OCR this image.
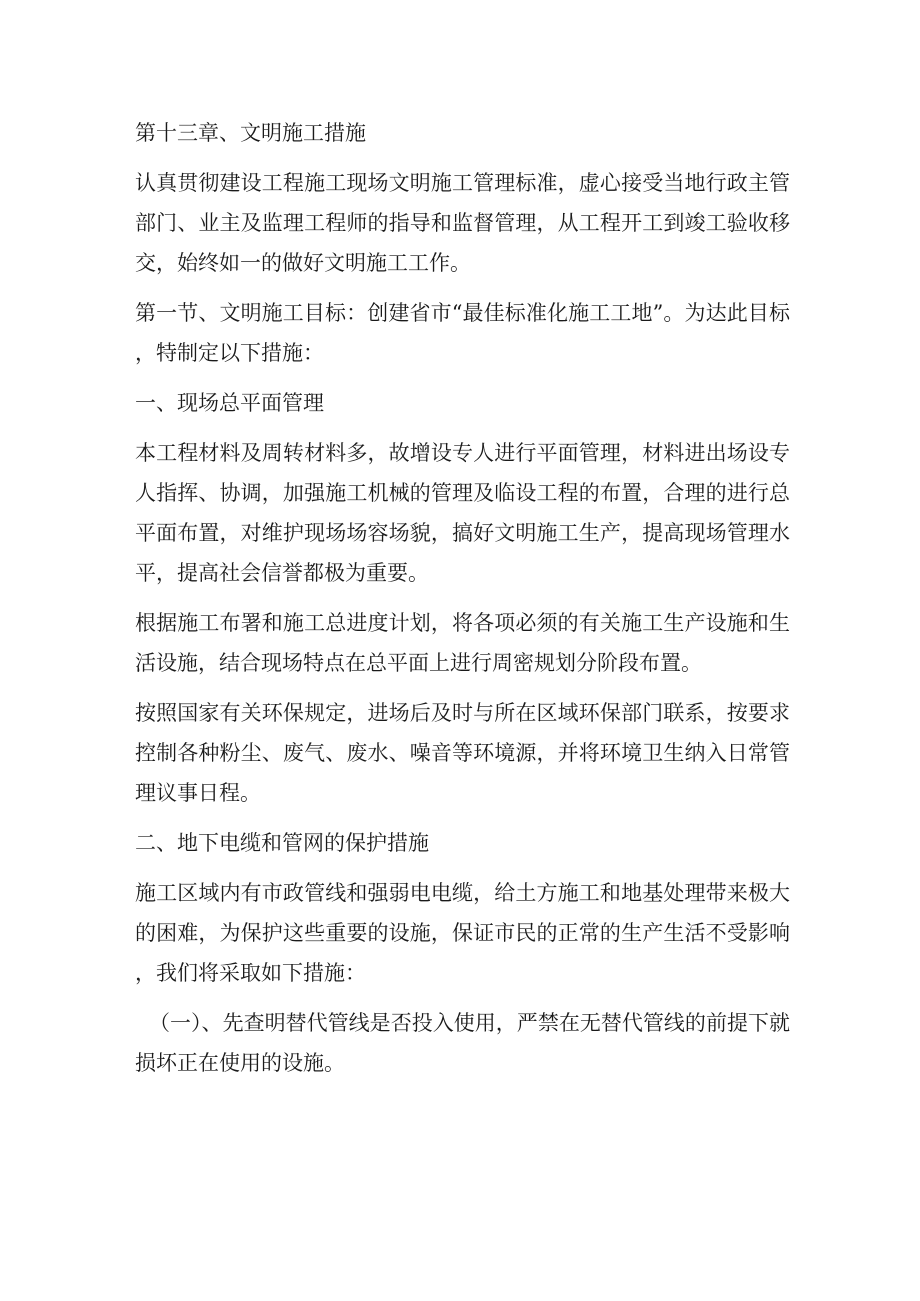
第十三章、文明施工措施

认真贯彻建设工程施工现场文明施工管理标准，虚心接受当地行政主管部门、业主及监理工程师的指导和监督管理，从工程开工到竣工验收移交，始终如一的做好文明施工工作。

第一节、文明施工目标：创建省市“最佳标准化施工工地”。为达此目标，特制定以下措施：

一、现场总平面管理

本工程材料及周转材料多，故增设专人进行平面管理，材料进出场设专人指挥、协调，加强施工机械的管理及临设工程的布置，合理的进行总平面布置，对维护现场场容场貌，搞好文明施工生产，提高现场管理水平，提高社会信誉都极为重要。

根据施工布署和施工总进度计划，将各项必须的有关施工生产设施和生活设施，结合现场特点在总平面上进行周密规划分阶段布置。

按照国家有关环保规定，进场后及时与所在区域环保部门联系，按要求控制各种粉尘、废气、废水、噪音等环境源，并将环境卫生纳入日常管理议事日程。

二、地下电缆和管网的保护措施

施工区域内有市政管线和强弱电电缆，给土方施工和地基处理带来极大的困难，为保护这些重要的设施，保证市民的正常的生产生活不受影响，我们将采取如下措施：

（一）、先查明替代管线是否投入使用，严禁在无替代管线的前提下就损坏正在使用的设施。
